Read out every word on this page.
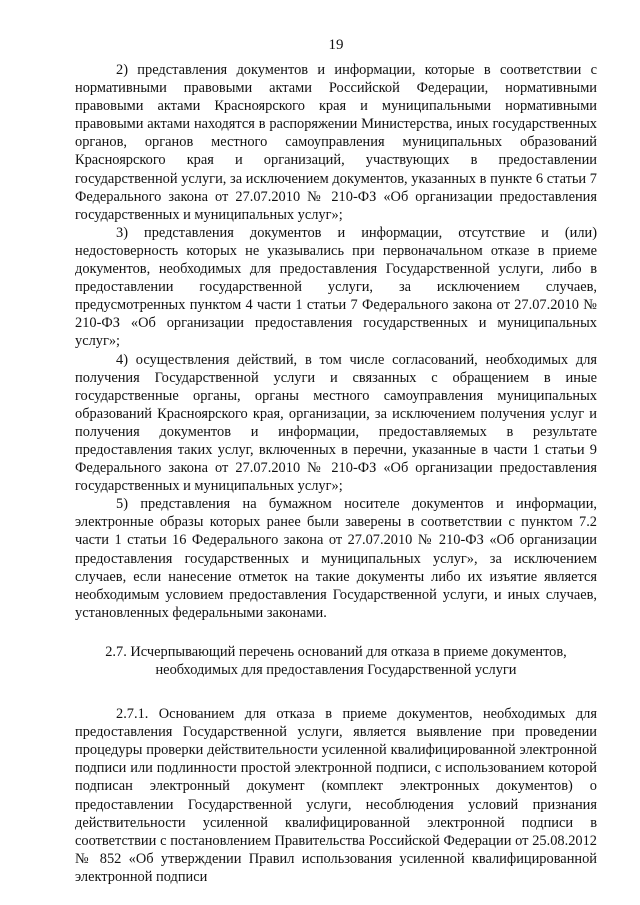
19

2) представления документов и информации, которые в соответствии с нормативными правовыми актами Российской Федерации, нормативными правовыми актами Красноярского края и муниципальными нормативными правовыми актами находятся в распоряжении Министерства, иных государственных органов, органов местного самоуправления муниципальных образований Красноярского края и организаций, участвующих в предоставлении государственной услуги, за исключением документов, указанных в пункте 6 статьи 7 Федерального закона от 27.07.2010 № 210-ФЗ «Об организации предоставления государственных и муниципальных услуг»;

3) представления документов и информации, отсутствие и (или) недостоверность которых не указывались при первоначальном отказе в приеме документов, необходимых для предоставления Государственной услуги, либо в предоставлении государственной услуги, за исключением случаев, предусмотренных пунктом 4 части 1 статьи 7 Федерального закона от 27.07.2010 № 210-ФЗ «Об организации предоставления государственных и муниципальных услуг»;

4) осуществления действий, в том числе согласований, необходимых для получения Государственной услуги и связанных с обращением в иные государственные органы, органы местного самоуправления муниципальных образований Красноярского края, организации, за исключением получения услуг и получения документов и информации, предоставляемых в результате предоставления таких услуг, включенных в перечни, указанные в части 1 статьи 9 Федерального закона от 27.07.2010 № 210-ФЗ «Об организации предоставления государственных и муниципальных услуг»;

5) представления на бумажном носителе документов и информации, электронные образы которых ранее были заверены в соответствии с пунктом 7.2 части 1 статьи 16 Федерального закона от 27.07.2010 № 210-ФЗ «Об организации предоставления государственных и муниципальных услуг», за исключением случаев, если нанесение отметок на такие документы либо их изъятие является необходимым условием предоставления Государственной услуги, и иных случаев, установленных федеральными законами.

2.7. Исчерпывающий перечень оснований для отказа в приеме документов,
необходимых для предоставления Государственной услуги

2.7.1. Основанием для отказа в приеме документов, необходимых для предоставления Государственной услуги, является выявление при проведении процедуры проверки действительности усиленной квалифицированной электронной подписи или подлинности простой электронной подписи, с использованием которой подписан электронный документ (комплект электронных документов) о предоставлении Государственной услуги, несоблюдения условий признания действительности усиленной квалифицированной электронной подписи в соответствии с постановлением Правительства Российской Федерации от 25.08.2012 № 852 «Об утверждении Правил использования усиленной квалифицированной электронной подписи
